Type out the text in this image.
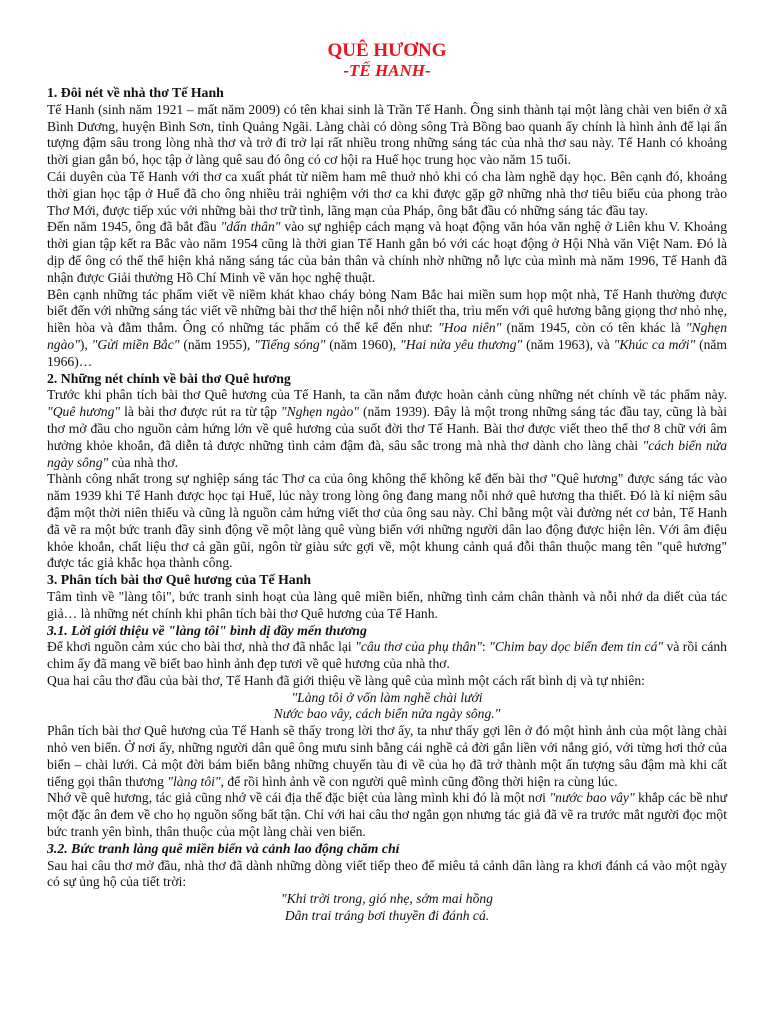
QUÊ HƯƠNG

-TẾ HANH-

1. Đôi nét về nhà thơ Tế Hanh

Tế Hanh (sinh năm 1921 – mất năm 2009) có tên khai sinh là Trần Tế Hanh. Ông sinh thành tại một làng chài ven biển ở xã Bình Dương, huyện Bình Sơn, tỉnh Quảng Ngãi. Làng chài có dòng sông Trà Bồng bao quanh ấy chính là hình ảnh để lại ấn tượng đậm sâu trong lòng nhà thơ và trở đi trở lại rất nhiều trong những sáng tác của nhà thơ sau này. Tế Hanh có khoảng thời gian gắn bó, học tập ở làng quê sau đó ông có cơ hội ra Huế học trung học vào năm 15 tuổi.

Cái duyên của Tế Hanh với thơ ca xuất phát từ niềm ham mê thuở nhỏ khi có cha làm nghề dạy học. Bên cạnh đó, khoảng thời gian học tập ở Huế đã cho ông nhiều trải nghiệm với thơ ca khi được gặp gỡ những nhà thơ tiêu biểu của phong trào Thơ Mới, được tiếp xúc với những bài thơ trữ tình, lãng mạn của Pháp, ông bắt đầu có những sáng tác đầu tay.

Đến năm 1945, ông đã bắt đầu "dấn thân" vào sự nghiệp cách mạng và hoạt động văn hóa văn nghệ ở Liên khu V. Khoảng thời gian tập kết ra Bắc vào năm 1954 cũng là thời gian Tế Hanh gắn bó với các hoạt động ở Hội Nhà văn Việt Nam. Đó là dịp để ông có thể thể hiện khả năng sáng tác của bản thân và chính nhờ những nỗ lực của mình mà năm 1996, Tế Hanh đã nhận được Giải thưởng Hồ Chí Minh về văn học nghệ thuật.

Bên cạnh những tác phẩm viết về niềm khát khao cháy bỏng Nam Bắc hai miền sum họp một nhà, Tế Hanh thường được biết đến với những sáng tác viết về những bài thơ thể hiện nỗi nhớ thiết tha, trìu mến với quê hương bằng giọng thơ nhỏ nhẹ, hiền hòa và đằm thắm. Ông có những tác phẩm có thể kể đến như: "Hoa niên" (năm 1945, còn có tên khác là "Nghẹn ngào"), "Gửi miền Bắc" (năm 1955), "Tiếng sóng" (năm 1960), "Hai nửa yêu thương" (năm 1963), và "Khúc ca mới" (năm 1966)…

2. Những nét chính về bài thơ Quê hương

Trước khi phân tích bài thơ Quê hương của Tế Hanh, ta cần nắm được hoàn cảnh cùng những nét chính về tác phẩm này. "Quê hương" là bài thơ được rút ra từ tập "Nghẹn ngào" (năm 1939). Đây là một trong những sáng tác đầu tay, cũng là bài thơ mở đầu cho nguồn cảm hứng lớn về quê hương của suốt đời thơ Tế Hanh. Bài thơ được viết theo thể thơ 8 chữ với âm hưởng khỏe khoắn, đã diễn tả được những tình cảm đậm đà, sâu sắc trong mà nhà thơ dành cho làng chài "cách biển nửa ngày sông" của nhà thơ.

Thành công nhất trong sự nghiệp sáng tác Thơ ca của ông không thể không kể đến bài thơ "Quê hương" được sáng tác vào năm 1939 khi Tế Hanh được học tại Huế, lúc này trong lòng ông đang mang nỗi nhớ quê hương tha thiết. Đó là kỉ niệm sâu đậm một thời niên thiếu và cũng là nguồn cảm hứng viết thơ của ông sau này. Chỉ bằng một vài đường nét cơ bản, Tế Hanh đã vẽ ra một bức tranh đầy sinh động về một làng quê vùng biển với những người dân lao động được hiện lên. Với âm điệu khỏe khoắn, chất liệu thơ cả gần gũi, ngôn từ giàu sức gợi về, một khung cảnh quá đỗi thân thuộc mang tên "quê hương" được tác giả khắc họa thành công.

3. Phân tích bài thơ Quê hương của Tế Hanh

Tâm tình về "làng tôi", bức tranh sinh hoạt của làng quê miền biển, những tình cảm chân thành và nỗi nhớ da diết của tác giả… là những nét chính khi phân tích bài thơ Quê hương của Tế Hanh.

3.1. Lời giới thiệu về "làng tôi" bình dị đầy mến thương

Để khơi nguồn cảm xúc cho bài thơ, nhà thơ đã nhắc lại "câu thơ của phụ thân": "Chim bay dọc biển đem tin cá" và rồi cánh chim ấy đã mang về biết bao hình ảnh đẹp tươi về quê hương của nhà thơ.

Qua hai câu thơ đầu của bài thơ, Tế Hanh đã giới thiệu về làng quê của mình một cách rất bình dị và tự nhiên:

"Làng tôi ở vốn làm nghề chài lưới

Nước bao vây, cách biển nửa ngày sông."

Phân tích bài thơ Quê hương của Tế Hanh sẽ thấy trong lời thơ ấy, ta như thấy gợi lên ở đó một hình ảnh của một làng chài nhỏ ven biển. Ở nơi ấy, những người dân quê ông mưu sinh bằng cái nghề cả đời gắn liền với nắng gió, với từng hơi thở của biển – chài lưới. Cả một đời bám biển bằng những chuyến tàu đi về của họ đã trở thành một ấn tượng sâu đậm mà khi cất tiếng gọi thân thương "làng tôi", để rồi hình ảnh về con người quê mình cũng đồng thời hiện ra cùng lúc.

Nhớ về quê hương, tác giả cũng nhớ về cái địa thế đặc biệt của làng mình khi đó là một nơi "nước bao vây" khắp các bề như một đặc ân đem về cho họ nguồn sống bất tận. Chỉ với hai câu thơ ngắn gọn nhưng tác giả đã vẽ ra trước mắt người đọc một bức tranh yên bình, thân thuộc của một làng chài ven biển.

3.2. Bức tranh làng quê miền biển và cảnh lao động chăm chỉ

Sau hai câu thơ mở đầu, nhà thơ đã dành những dòng viết tiếp theo để miêu tả cảnh dân làng ra khơi đánh cá vào một ngày có sự ủng hộ của tiết trời:

"Khi trời trong, gió nhẹ, sớm mai hồng

Dân trai tráng bơi thuyền đi đánh cá.
